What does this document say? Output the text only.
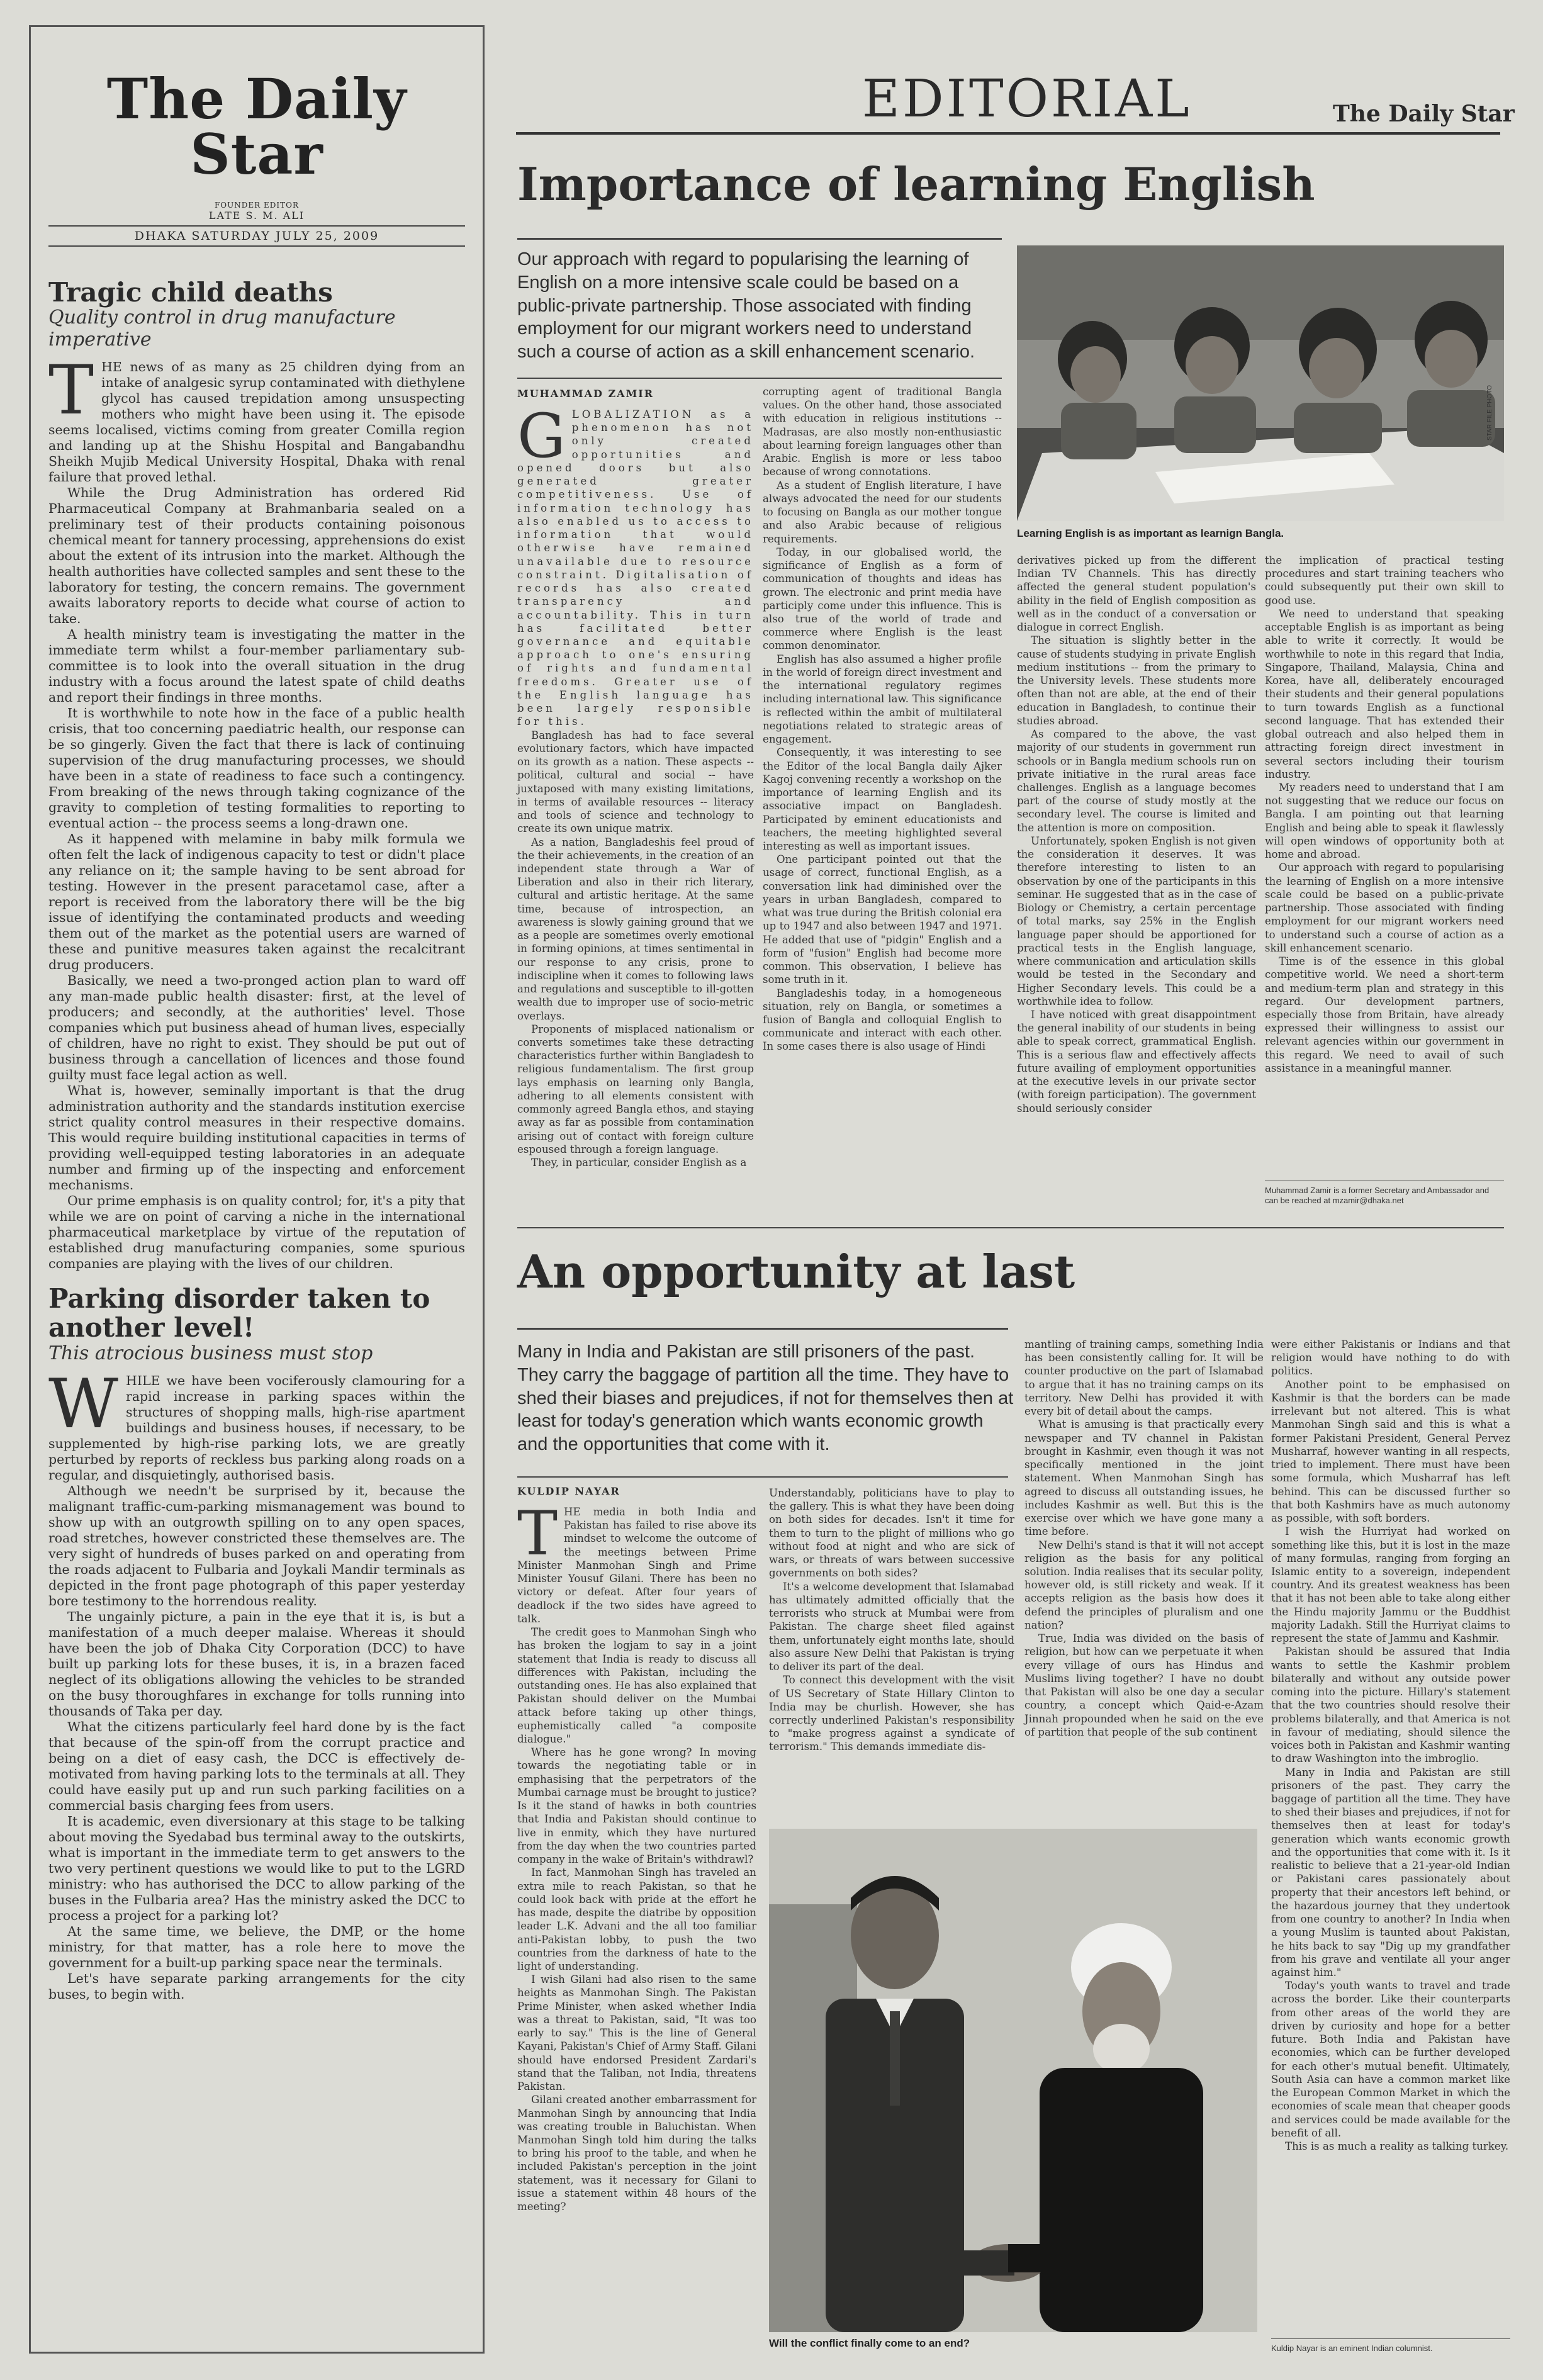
The Daily Star
FOUNDER EDITOR
LATE S. M. ALI
DHAKA SATURDAY JULY 25, 2009
Tragic child deaths
Quality control in drug manufacture imperative

THE news of as many as 25 children dying from an intake of analgesic syrup contaminated with diethylene glycol has caused trepidation among unsuspecting mothers who might have been using it. The episode seems localised, victims coming from greater Comilla region and landing up at the Shishu Hospital and Bangabandhu Sheikh Mujib Medical University Hospital, Dhaka with renal failure that proved lethal.

While the Drug Administration has ordered Rid Pharmaceutical Company at Brahmanbaria sealed on a preliminary test of their products containing poisonous chemical meant for tannery processing, apprehensions do exist about the extent of its intrusion into the market. Although the health authorities have collected samples and sent these to the laboratory for testing, the concern remains. The government awaits laboratory reports to decide what course of action to take.

A health ministry team is investigating the matter in the immediate term whilst a four-member parliamentary sub-committee is to look into the overall situation in the drug industry with a focus around the latest spate of child deaths and report their findings in three months.

It is worthwhile to note how in the face of a public health crisis, that too concerning paediatric health, our response can be so gingerly. Given the fact that there is lack of continuing supervision of the drug manufacturing processes, we should have been in a state of readiness to face such a contingency. From breaking of the news through taking cognizance of the gravity to completion of testing formalities to reporting to eventual action -- the process seems a long-drawn one.

As it happened with melamine in baby milk formula we often felt the lack of indigenous capacity to test or didn't place any reliance on it; the sample having to be sent abroad for testing. However in the present paracetamol case, after a report is received from the laboratory there will be the big issue of identifying the contaminated products and weeding them out of the market as the potential users are warned of these and punitive measures taken against the recalcitrant drug producers.

Basically, we need a two-pronged action plan to ward off any man-made public health disaster: first, at the level of producers; and secondly, at the authorities' level. Those companies which put business ahead of human lives, especially of children, have no right to exist. They should be put out of business through a cancellation of licences and those found guilty must face legal action as well.

What is, however, seminally important is that the drug administration authority and the standards institution exercise strict quality control measures in their respective domains. This would require building institutional capacities in terms of providing well-equipped testing laboratories in an adequate number and firming up of the inspecting and enforcement mechanisms.

Our prime emphasis is on quality control; for, it's a pity that while we are on point of carving a niche in the international pharmaceutical marketplace by virtue of the reputation of established drug manufacturing companies, some spurious companies are playing with the lives of our children.

Parking disorder taken to another level!
This atrocious business must stop

WHILE we have been vociferously clamouring for a rapid increase in parking spaces within the structures of shopping malls, high-rise apartment buildings and business houses, if necessary, to be supplemented by high-rise parking lots, we are greatly perturbed by reports of reckless bus parking along roads on a regular, and disquietingly, authorised basis.

Although we needn't be surprised by it, because the malignant traffic-cum-parking mismanagement was bound to show up with an outgrowth spilling on to any open spaces, road stretches, however constricted these themselves are. The very sight of hundreds of buses parked on and operating from the roads adjacent to Fulbaria and Joykali Mandir terminals as depicted in the front page photograph of this paper yesterday bore testimony to the horrendous reality.

The ungainly picture, a pain in the eye that it is, is but a manifestation of a much deeper malaise. Whereas it should have been the job of Dhaka City Corporation (DCC) to have built up parking lots for these buses, it is, in a brazen faced neglect of its obligations allowing the vehicles to be stranded on the busy thoroughfares in exchange for tolls running into thousands of Taka per day.

What the citizens particularly feel hard done by is the fact that because of the spin-off from the corrupt practice and being on a diet of easy cash, the DCC is effectively de-motivated from having parking lots to the terminals at all. They could have easily put up and run such parking facilities on a commercial basis charging fees from users.

It is academic, even diversionary at this stage to be talking about moving the Syedabad bus terminal away to the outskirts, what is important in the immediate term to get answers to the two very pertinent questions we would like to put to the LGRD ministry: who has authorised the DCC to allow parking of the buses in the Fulbaria area? Has the ministry asked the DCC to process a project for a parking lot?

At the same time, we believe, the DMP, or the home ministry, for that matter, has a role here to move the government for a built-up parking space near the terminals.

Let's have separate parking arrangements for the city buses, to begin with.

EDITORIAL	The Daily Star
Importance of learning English
Our approach with regard to popularising the learning of English on a more intensive scale could be based on a public-private partnership. Those associated with finding employment for our migrant workers need to understand such a course of action as a skill enhancement scenario.
MUHAMMAD ZAMIR

GLOBALIZATION as a phenomenon has not only created opportunities and opened doors but also generated greater competitiveness. Use of information technology has also enabled us to access to information that would otherwise have remained unavailable due to resource constraint. Digitalisation of records has also created transparency and accountability. This in turn has facilitated better governance and equitable approach to one's ensuring of rights and fundamental freedoms. Greater use of the English language has been largely responsible for this.

Bangladesh has had to face several evolutionary factors, which have impacted on its growth as a nation. These aspects -- political, cultural and social -- have juxtaposed with many existing limitations, in terms of available resources -- literacy and tools of science and technology to create its own unique matrix.

As a nation, Bangladeshis feel proud of the their achievements, in the creation of an independent state through a War of Liberation and also in their rich literary, cultural and artistic heritage. At the same time, because of introspection, an awareness is slowly gaining ground that we as a people are sometimes overly emotional in forming opinions, at times sentimental in our response to any crisis, prone to indiscipline when it comes to following laws and regulations and susceptible to ill-gotten wealth due to improper use of socio-metric overlays.

Proponents of misplaced nationalism or converts sometimes take these detracting characteristics further within Bangladesh to religious fundamentalism. The first group lays emphasis on learning only Bangla, adhering to all elements consistent with commonly agreed Bangla ethos, and staying away as far as possible from contamination arising out of contact with foreign culture espoused through a foreign language.

They, in particular, consider English as a

corrupting agent of traditional Bangla values. On the other hand, those associated with education in religious institutions -- Madrasas, are also mostly non-enthusiastic about learning foreign languages other than Arabic. English is more or less taboo because of wrong connotations.

As a student of English literature, I have always advocated the need for our students to focusing on Bangla as our mother tongue and also Arabic because of religious requirements.

Today, in our globalised world, the significance of English as a form of communication of thoughts and ideas has grown. The electronic and print media have participly come under this influence. This is also true of the world of trade and commerce where English is the least common denominator.

English has also assumed a higher profile in the world of foreign direct investment and the international regulatory regimes including international law. This significance is reflected within the ambit of multilateral negotiations related to strategic areas of engagement.

Consequently, it was interesting to see the Editor of the local Bangla daily Ajker Kagoj convening recently a workshop on the importance of learning English and its associative impact on Bangladesh. Participated by eminent educationists and teachers, the meeting highlighted several interesting as well as important issues.

One participant pointed out that the usage of correct, functional English, as a conversation link had diminished over the years in urban Bangladesh, compared to what was true during the British colonial era up to 1947 and also between 1947 and 1971. He added that use of "pidgin" English and a form of "fusion" English had become more common. This observation, I believe has some truth in it.

Bangladeshis today, in a homogeneous situation, rely on Bangla, or sometimes a fusion of Bangla and colloquial English to communicate and interact with each other. In some cases there is also usage of Hindi

Learning English is as important as learnign Bangla.
STAR FILE PHOTO

derivatives picked up from the different Indian TV Channels. This has directly affected the general student population's ability in the field of English composition as well as in the conduct of a conversation or dialogue in correct English.

The situation is slightly better in the cause of students studying in private English medium institutions -- from the primary to the University levels. These students more often than not are able, at the end of their education in Bangladesh, to continue their studies abroad.

As compared to the above, the vast majority of our students in government run schools or in Bangla medium schools run on private initiative in the rural areas face challenges. English as a language becomes part of the course of study mostly at the secondary level. The course is limited and the attention is more on composition.

Unfortunately, spoken English is not given the consideration it deserves. It was therefore interesting to listen to an observation by one of the participants in this seminar. He suggested that as in the case of Biology or Chemistry, a certain percentage of total marks, say 25% in the English language paper should be apportioned for practical tests in the English language, where communication and articulation skills would be tested in the Secondary and Higher Secondary levels. This could be a worthwhile idea to follow.

I have noticed with great disappointment the general inability of our students in being able to speak correct, grammatical English. This is a serious flaw and effectively affects future availing of employment opportunities at the executive levels in our private sector (with foreign participation). The government should seriously consider

the implication of practical testing procedures and start training teachers who could subsequently put their own skill to good use.

We need to understand that speaking acceptable English is as important as being able to write it correctly. It would be worthwhile to note in this regard that India, Singapore, Thailand, Malaysia, China and Korea, have all, deliberately encouraged their students and their general populations to turn towards English as a functional second language. That has extended their global outreach and also helped them in attracting foreign direct investment in several sectors including their tourism industry.

My readers need to understand that I am not suggesting that we reduce our focus on Bangla. I am pointing out that learning English and being able to speak it flawlessly will open windows of opportunity both at home and abroad.

Our approach with regard to popularising the learning of English on a more intensive scale could be based on a public-private partnership. Those associated with finding employment for our migrant workers need to understand such a course of action as a skill enhancement scenario.

Time is of the essence in this global competitive world. We need a short-term and medium-term plan and strategy in this regard. Our development partners, especially those from Britain, have already expressed their willingness to assist our relevant agencies within our government in this regard. We need to avail of such assistance in a meaningful manner.

Muhammad Zamir is a former Secretary and Ambassador and can be reached at mzamir@dhaka.net
An opportunity at last
Many in India and Pakistan are still prisoners of the past. They carry the baggage of partition all the time. They have to shed their biases and prejudices, if not for themselves then at least for today's generation which wants economic growth and the opportunities that come with it.
KULDIP NAYAR

THE media in both India and Pakistan has failed to rise above its mindset to welcome the outcome of the meetings between Prime Minister Manmohan Singh and Prime Minister Yousuf Gilani. There has been no victory or defeat. After four years of deadlock if the two sides have agreed to talk.

The credit goes to Manmohan Singh who has broken the logjam to say in a joint statement that India is ready to discuss all differences with Pakistan, including the outstanding ones. He has also explained that Pakistan should deliver on the Mumbai attack before taking up other things, euphemistically called "a composite dialogue."

Where has he gone wrong? In moving towards the negotiating table or in emphasising that the perpetrators of the Mumbai carnage must be brought to justice? Is it the stand of hawks in both countries that India and Pakistan should continue to live in enmity, which they have nurtured from the day when the two countries parted company in the wake of Britain's withdrawl?

In fact, Manmohan Singh has traveled an extra mile to reach Pakistan, so that he could look back with pride at the effort he has made, despite the diatribe by opposition leader L.K. Advani and the all too familiar anti-Pakistan lobby, to push the two countries from the darkness of hate to the light of understanding.

I wish Gilani had also risen to the same heights as Manmohan Singh. The Pakistan Prime Minister, when asked whether India was a threat to Pakistan, said, "It was too early to say." This is the line of General Kayani, Pakistan's Chief of Army Staff. Gilani should have endorsed President Zardari's stand that the Taliban, not India, threatens Pakistan.

Gilani created another embarrassment for Manmohan Singh by announcing that India was creating trouble in Baluchistan. When Manmohan Singh told him during the talks to bring his proof to the table, and when he included Pakistan's perception in the joint statement, was it necessary for Gilani to issue a statement within 48 hours of the meeting?

Understandably, politicians have to play to the gallery. This is what they have been doing on both sides for decades. Isn't it time for them to turn to the plight of millions who go without food at night and who are sick of wars, or threats of wars between successive governments on both sides?

It's a welcome development that Islamabad has ultimately admitted officially that the terrorists who struck at Mumbai were from Pakistan. The charge sheet filed against them, unfortunately eight months late, should also assure New Delhi that Pakistan is trying to deliver its part of the deal.

To connect this development with the visit of US Secretary of State Hillary Clinton to India may be churlish. However, she has correctly underlined Pakistan's responsibility to "make progress against a syndicate of terrorism." This demands immediate dis-

mantling of training camps, something India has been consistently calling for. It will be counter productive on the part of Islamabad to argue that it has no training camps on its territory. New Delhi has provided it with every bit of detail about the camps.

What is amusing is that practically every newspaper and TV channel in Pakistan brought in Kashmir, even though it was not specifically mentioned in the joint statement. When Manmohan Singh has agreed to discuss all outstanding issues, he includes Kashmir as well. But this is the exercise over which we have gone many a time before.

New Delhi's stand is that it will not accept religion as the basis for any political solution. India realises that its secular polity, however old, is still rickety and weak. If it accepts religion as the basis how does it defend the principles of pluralism and one nation?

True, India was divided on the basis of religion, but how can we perpetuate it when every village of ours has Hindus and Muslims living together? I have no doubt that Pakistan will also be one day a secular country, a concept which Qaid-e-Azam Jinnah propounded when he said on the eve of partition that people of the sub continent

Will the conflict finally come to an end?

were either Pakistanis or Indians and that religion would have nothing to do with politics.

Another point to be emphasised on Kashmir is that the borders can be made irrelevant but not altered. This is what Manmohan Singh said and this is what a former Pakistani President, General Pervez Musharraf, however wanting in all respects, tried to implement. There must have been some formula, which Musharraf has left behind. This can be discussed further so that both Kashmirs have as much autonomy as possible, with soft borders.

I wish the Hurriyat had worked on something like this, but it is lost in the maze of many formulas, ranging from forging an Islamic entity to a sovereign, independent country. And its greatest weakness has been that it has not been able to take along either the Hindu majority Jammu or the Buddhist majority Ladakh. Still the Hurriyat claims to represent the state of Jammu and Kashmir.

Pakistan should be assured that India wants to settle the Kashmir problem bilaterally and without any outside power coming into the picture. Hillary's statement that the two countries should resolve their problems bilaterally, and that America is not in favour of mediating, should silence the voices both in Pakistan and Kashmir wanting to draw Washington into the imbroglio.

Many in India and Pakistan are still prisoners of the past. They carry the baggage of partition all the time. They have to shed their biases and prejudices, if not for themselves then at least for today's generation which wants economic growth and the opportunities that come with it. Is it realistic to believe that a 21-year-old Indian or Pakistani cares passionately about property that their ancestors left behind, or the hazardous journey that they undertook from one country to another? In India when a young Muslim is taunted about Pakistan, he hits back to say "Dig up my grandfather from his grave and ventilate all your anger against him."

Today's youth wants to travel and trade across the border. Like their counterparts from other areas of the world they are driven by curiosity and hope for a better future. Both India and Pakistan have economies, which can be further developed for each other's mutual benefit. Ultimately, South Asia can have a common market like the European Common Market in which the economies of scale mean that cheaper goods and services could be made available for the benefit of all.

This is as much a reality as talking turkey.

Kuldip Nayar is an eminent Indian columnist.
